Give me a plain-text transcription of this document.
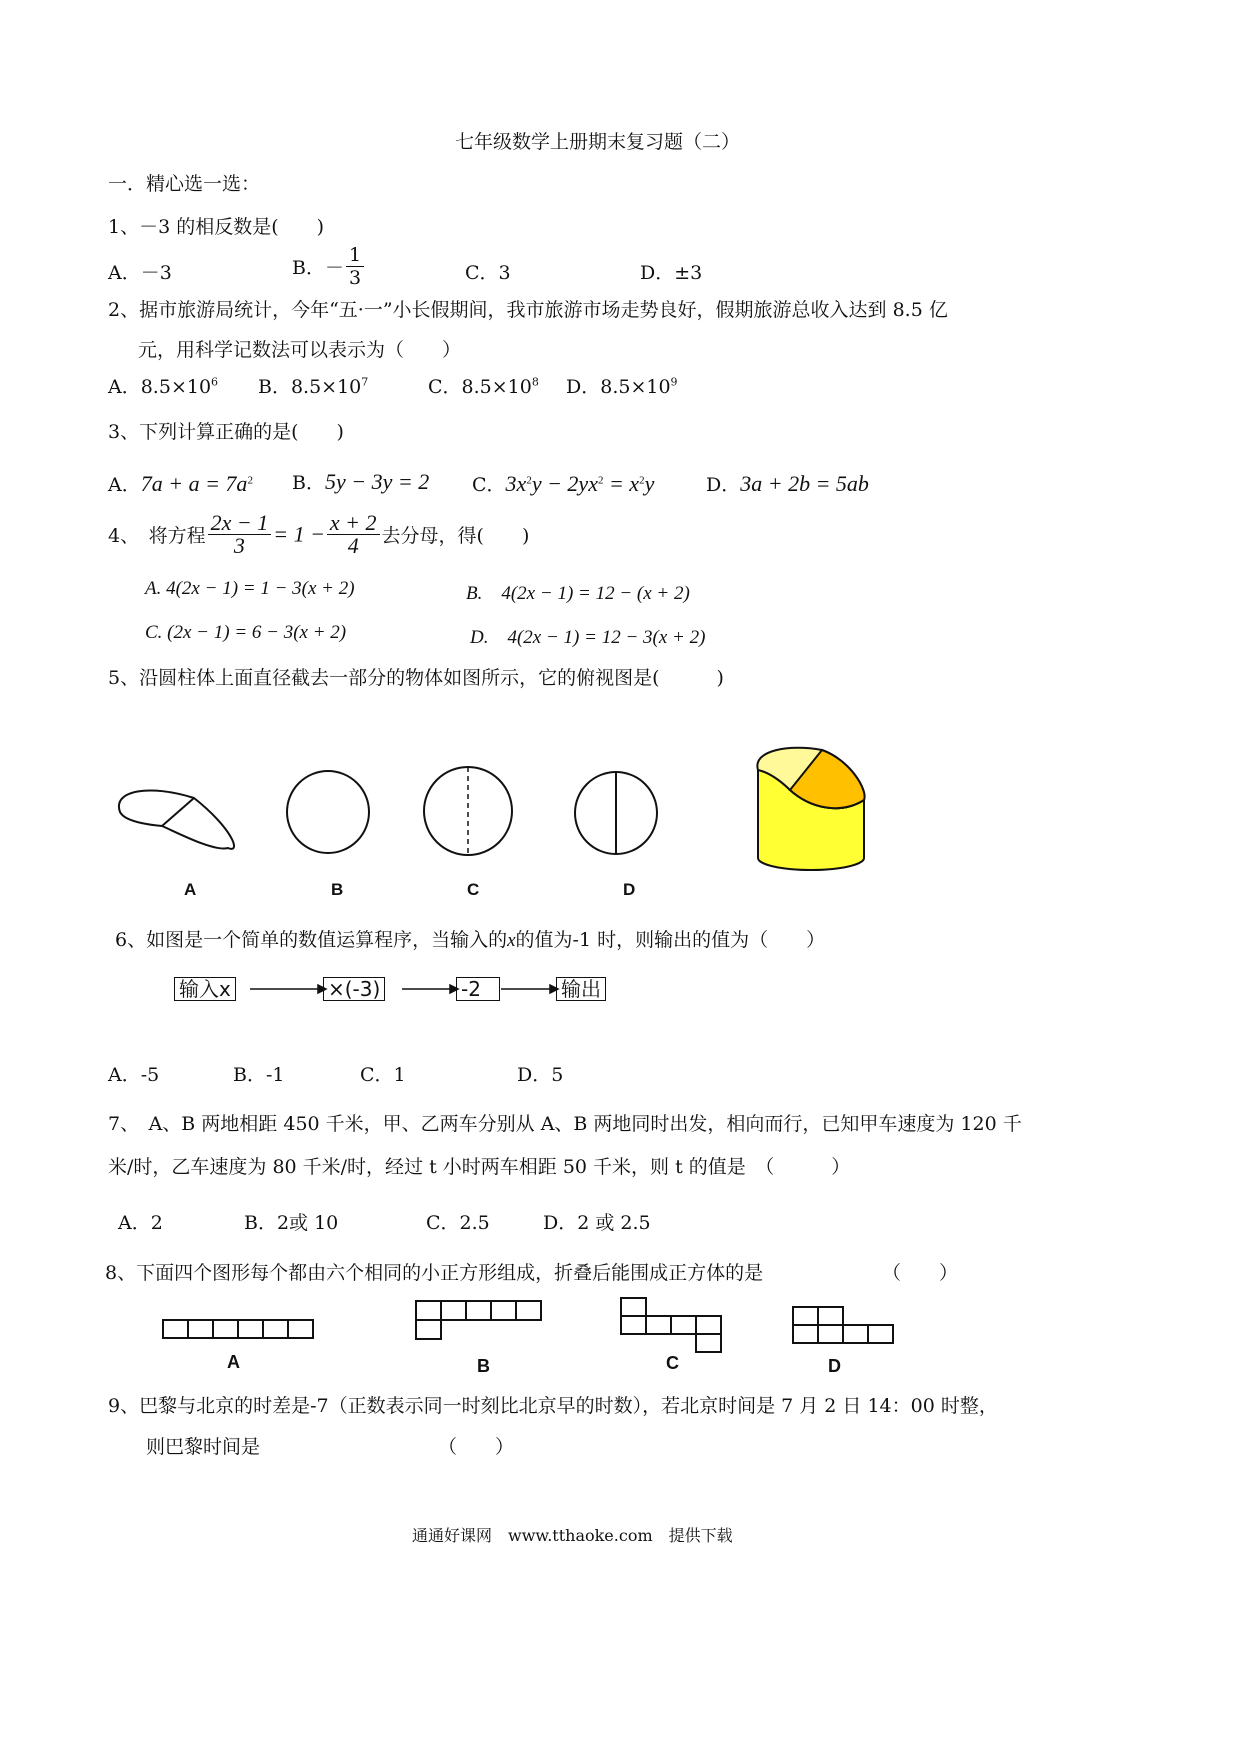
七年级数学上册期末复习题（二）
一．精心选一选：
1、－3 的相反数是(　　)
A．－3	B．－ $\frac{1}{3}$	C．3	D．±3
2、据市旅游局统计，今年“五·一”小长假期间，我市旅游市场走势良好，假期旅游总收入达到 8.5 亿
元，用科学记数法可以表示为（　　）
A．$8.5\times 10^6$ B．$8.5\times 10^7$	C．$8.5\times 10^8$ D．$8.5\times 10^9$
3、下列计算正确的是(　　)
A．$7a + a = 7a^2$ B．5y − 3y = 2 C．$3x^2y - 2yx^2 = x^2y$	D．3a + 2b = 5ab
4、　将方程 $\frac{2x - 1}{3} = 1 - \frac{x + 2}{4}$ 去分母，得(　　)
A. 4(2x − 1) = 1 − 3(x + 2)	B.　4(2x − 1) = 12 − (x + 2)
C. (2x − 1) = 6 − 3(x + 2)	D.　4(2x − 1) = 12 − 3(x + 2)
5、沿圆柱体上面直径截去一部分的物体如图所示，它的俯视图是(　　　)
A	B	C	D
6、如图是一个简单的数值运算程序，当输入的x的值为-1 时，则输出的值为（　　）
输入x	×(-3)	-2	输出
A．-5	B．-1	C．1	D．5
7、　A、B 两地相距 450 千米，甲、乙两车分别从 A、B 两地同时出发，相向而行，已知甲车速度为 120 千
米/时，乙车速度为 80 千米/时，经过 t 小时两车相距 50 千米，则 t 的值是　（　　　）
A．2	B．2或 10	C．2.5	D．2 或 2.5
8、下面四个图形每个都由六个相同的小正方形组成，折叠后能围成正方体的是	（　　）
A	B	C	D
9、巴黎与北京的时差是-7（正数表示同一时刻比北京早的时数），若北京时间是 7 月 2 日 14：00 时整，
则巴黎时间是	（　　）
通通好课网　www.tthaoke.com　提供下载
